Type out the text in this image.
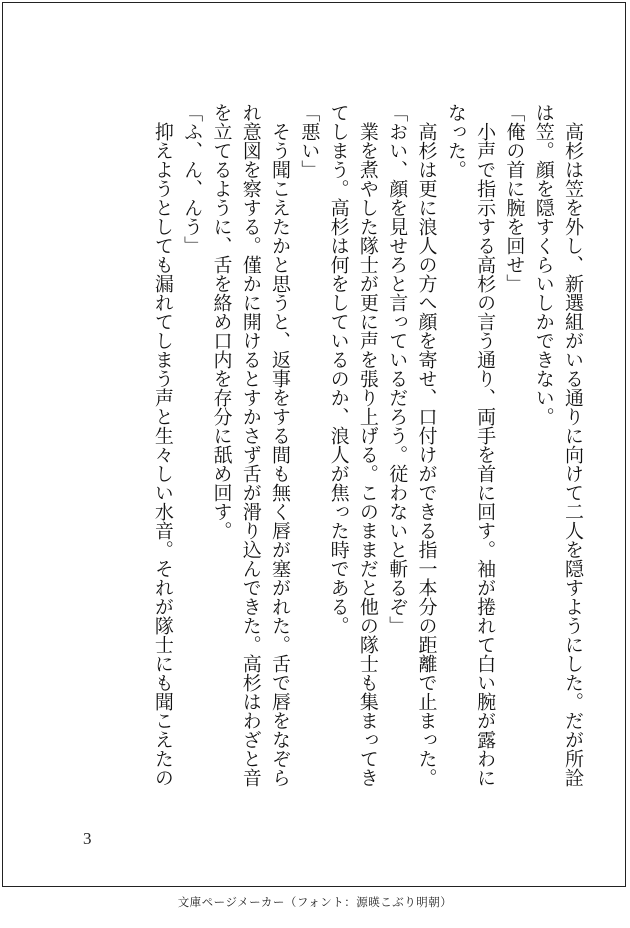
　高杉は笠を外し、新選組がいる通りに向けて二人を隠すようにした。だが所詮
は笠。顔を隠すくらいしかできない。
「俺の首に腕を回せ」
　小声で指示する高杉の言う通り、両手を首に回す。袖が捲れて白い腕が露わに
なった。
　高杉は更に浪人の方へ顔を寄せ、口付けができる指一本分の距離で止まった。
「おい、顔を見せろと言っているだろう。従わないと斬るぞ」
　業を煮やした隊士が更に声を張り上げる。このままだと他の隊士も集まってき
てしまう。高杉は何をしているのか、浪人が焦った時である。
「悪い」
　そう聞こえたかと思うと、返事をする間も無く唇が塞がれた。舌で唇をなぞら
れ意図を察する。僅かに開けるとすかさず舌が滑り込んできた。高杉はわざと音
を立てるように、舌を絡め口内を存分に舐め回す。
「ふ、ん、んう」
　抑えようとしても漏れてしまう声と生々しい水音。それが隊士にも聞こえたの
3
文庫ページメーカー（フォント：源暎こぶり明朝）
